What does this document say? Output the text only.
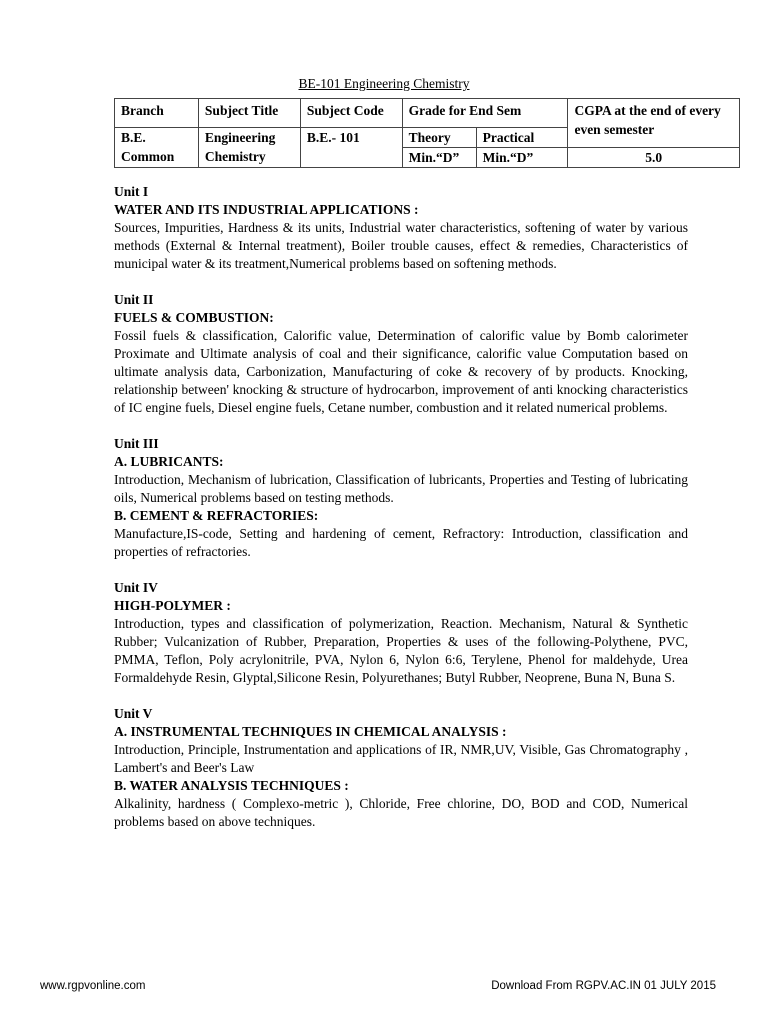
BE-101 Engineering Chemistry
Branch	Subject Title	Subject Code	Grade for End Sem		CGPA at the end of every even semester
B.E. Common	Engineering Chemistry	B.E.- 101	Theory	Practical	
			Min.“D”	Min.“D”	5.0
Unit I
WATER AND ITS INDUSTRIAL APPLICATIONS :
Sources, Impurities, Hardness & its units, Industrial water characteristics, softening of water by various methods (External & Internal treatment), Boiler trouble causes, effect & remedies, Characteristics of municipal water & its treatment,Numerical problems based on softening methods.
Unit II
FUELS & COMBUSTION:
Fossil fuels & classification, Calorific value, Determination of calorific value by Bomb calorimeter Proximate and Ultimate analysis of coal and their significance, calorific value Computation based on ultimate analysis data, Carbonization, Manufacturing of coke & recovery of by products. Knocking, relationship between' knocking & structure of hydrocarbon, improvement of anti knocking characteristics of IC engine fuels, Diesel engine fuels, Cetane number, combustion and it related numerical problems.
Unit III
A. LUBRICANTS:
Introduction, Mechanism of lubrication, Classification of lubricants, Properties and Testing of lubricating oils, Numerical problems based on testing methods.
B. CEMENT & REFRACTORIES:
Manufacture,IS-code, Setting and hardening of cement, Refractory: Introduction, classification and properties of refractories.
Unit IV
HIGH-POLYMER :
Introduction, types and classification of polymerization, Reaction. Mechanism, Natural & Synthetic Rubber; Vulcanization of Rubber, Preparation, Properties & uses of the following-Polythene, PVC, PMMA, Teflon, Poly acrylonitrile, PVA, Nylon 6, Nylon 6:6, Terylene, Phenol for maldehyde, Urea Formaldehyde Resin, Glyptal,Silicone Resin, Polyurethanes; Butyl Rubber, Neoprene, Buna N, Buna S.
Unit V
A. INSTRUMENTAL TECHNIQUES IN CHEMICAL ANALYSIS :
Introduction, Principle, Instrumentation and applications of IR, NMR,UV, Visible, Gas Chromatography , Lambert's and Beer's Law
B. WATER ANALYSIS TECHNIQUES :
Alkalinity, hardness ( Complexo-metric ), Chloride, Free chlorine, DO, BOD and COD, Numerical problems based on above techniques.
www.rgpvonline.com	Download From RGPV.AC.IN 01 JULY 2015
